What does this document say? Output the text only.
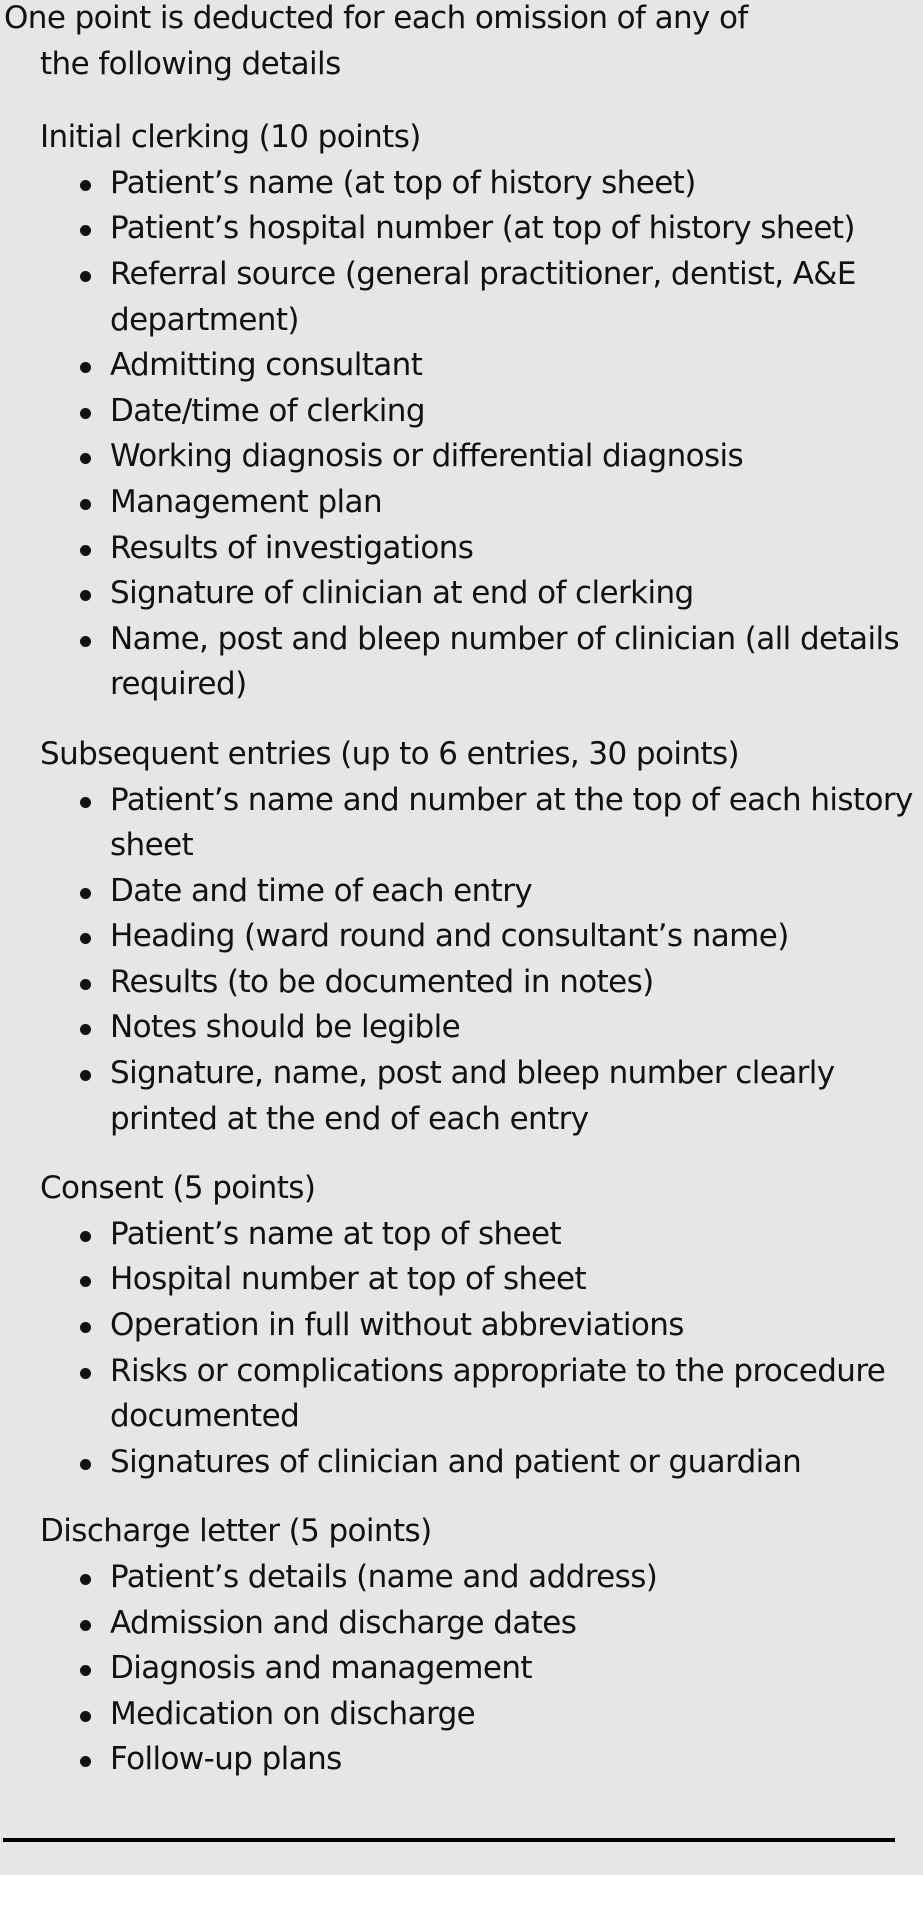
One point is deducted for each omission of any of
the following details

Initial clerking (10 points)
Patient’s name (at top of history sheet)
Patient’s hospital number (at top of history sheet)
Referral source (general practitioner, dentist, A&E department)
Admitting consultant
Date/time of clerking
Working diagnosis or differential diagnosis
Management plan
Results of investigations
Signature of clinician at end of clerking
Name, post and bleep number of clinician (all details required)
Subsequent entries (up to 6 entries, 30 points)
Patient’s name and number at the top of each history sheet
Date and time of each entry
Heading (ward round and consultant’s name)
Results (to be documented in notes)
Notes should be legible
Signature, name, post and bleep number clearly printed at the end of each entry
Consent (5 points)
Patient’s name at top of sheet
Hospital number at top of sheet
Operation in full without abbreviations
Risks or complications appropriate to the procedure documented
Signatures of clinician and patient or guardian
Discharge letter (5 points)
Patient’s details (name and address)
Admission and discharge dates
Diagnosis and management
Medication on discharge
Follow-up plans
